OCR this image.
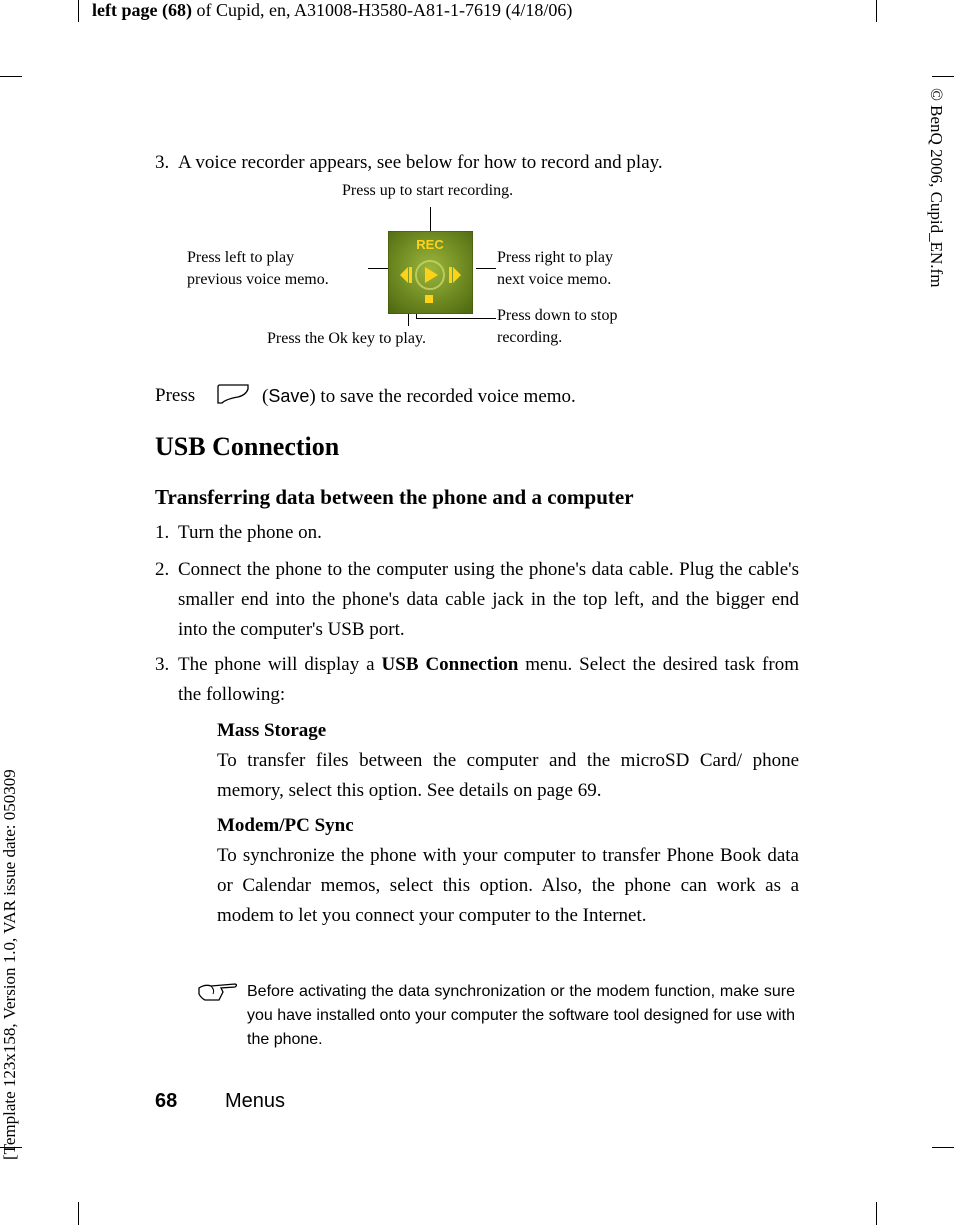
left page (68) of Cupid, en, A31008-H3580-A81-1-7619 (4/18/06)
[Template 123x158, Version 1.0, VAR issue date: 050309
© BenQ 2006, Cupid_EN.fm
3. A voice recorder appears, see below for how to record and play.
Press up to start recording.
Press left to play
previous voice memo.
Press right to play
next voice memo.
Press down to stop
recording.
Press the Ok key to play.
REC
Press	(Save) to save the recorded voice memo.
USB Connection
Transferring data between the phone and a computer
1. Turn the phone on.
2. Connect the phone to the computer using the phone's data cable. Plug the cable's smaller end into the phone's data cable jack in the top left, and the bigger end into the computer's USB port.
3. The phone will display a USB Connection menu. Select the desired task from the following:
Mass Storage
To transfer files between the computer and the microSD Card/ phone memory, select this option. See details on page 69.
Modem/PC Sync
To synchronize the phone with your computer to transfer Phone Book data or Calendar memos, select this option. Also, the phone can work as a modem to let you connect your computer to the Internet.
Before activating the data synchronization or the modem function, make sure you have installed onto your computer the software tool designed for use with the phone.
68 Menus
